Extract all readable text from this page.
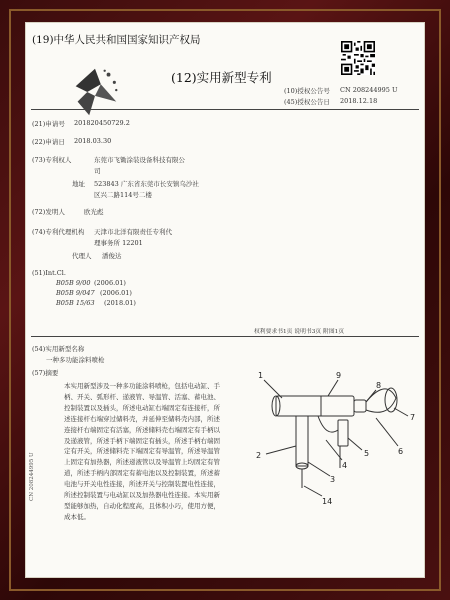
(19)中华人民共和国国家知识产权局
(12)实用新型专利
(10)授权公告号 CN 208244995 U
(45)授权公告日 2018.12.18
(21)申请号 201820450729.2
(22)申请日 2018.03.30
(73)专利权人	东莞市飞锄涂装设备科技有限公
司
地址 523843 广东省东莞市长安镇乌沙社
区兴二路114号二楼
(72)发明人	欧光彪
(74)专利代理机构 天津市北洋有限责任专利代
理事务所 12201
代理人 潘俊达
(51)Int.Cl.
B05B 9/00 (2006.01)
B05B 9/047 (2006.01)
B05B 15/63 (2018.01)
权利要求书1页 说明书3页 附图1页
(54)实用新型名称
一种多功能涂料喷枪
(57)摘要
本实用新型涉及一种多功能涂料喷枪，包括电动缸、手柄、开关、弧形杆、递液管、导温管、活塞、蓄电池、控制装置以及插头，所述电动缸右端固定有连接杆，所述连接杆右端穿过储料壳，并延伸至储料壳内部，所述连接杆右端固定有活塞，所述储料壳右端固定有手柄以及递液管，所述手柄下端固定有插头，所述手柄右端固定有开关，所述储料壳下端固定有导温管，所述导温管上固定有加热器，所述递液管以及导温管上均固定有管道，所述手柄内部固定有蓄电池以及控制装置，所述蓄电池与开关电性连接，所述开关与控制装置电性连接，所述控制装置与电动缸以及加热器电性连接。本实用新型能够加热，自动化程度高，且体积小巧，使用方便，成本低。
1	9
8
7
6
5
4
3
2
14
CN 208244995 U
